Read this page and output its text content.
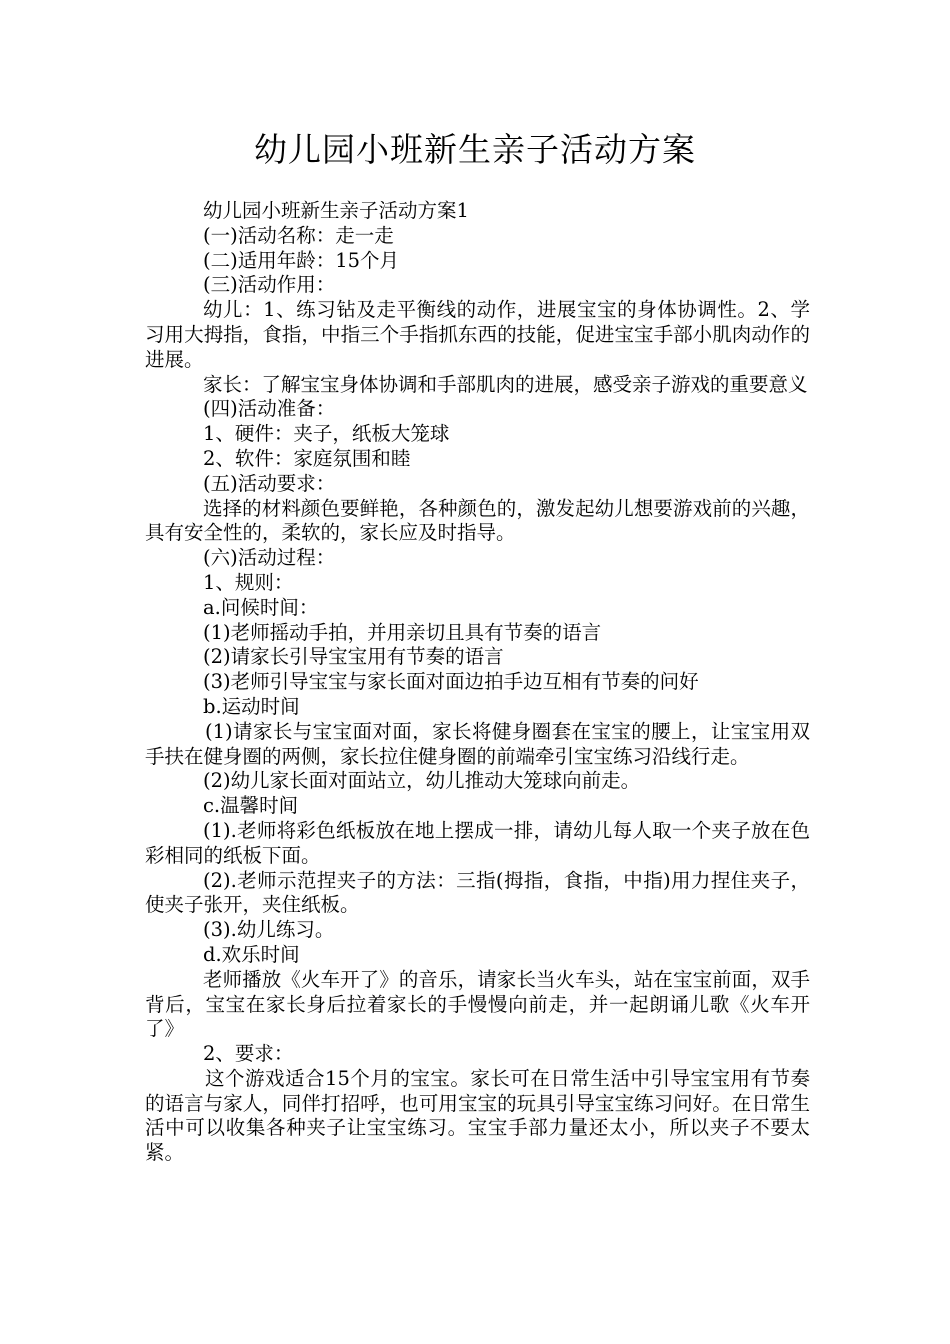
幼儿园小班新生亲子活动方案

幼儿园小班新生亲子活动方案1

(一)活动名称：走一走

(二)适用年龄：15个月

(三)活动作用：

幼儿：1、练习钻及走平衡线的动作，进展宝宝的身体协调性。2、学习用大拇指，食指，中指三个手指抓东西的技能，促进宝宝手部小肌肉动作的进展。

家长：了解宝宝身体协调和手部肌肉的进展，感受亲子游戏的重要意义

(四)活动准备：

1、硬件：夹子，纸板大笼球

2、软件：家庭氛围和睦

(五)活动要求：

选择的材料颜色要鲜艳，各种颜色的，激发起幼儿想要游戏前的兴趣，具有安全性的，柔软的，家长应及时指导。

(六)活动过程：

1、规则：

a.问候时间：

(1)老师摇动手拍，并用亲切且具有节奏的语言

(2)请家长引导宝宝用有节奏的语言

(3)老师引导宝宝与家长面对面边拍手边互相有节奏的问好

b.运动时间

(1)请家长与宝宝面对面，家长将健身圈套在宝宝的腰上，让宝宝用双手扶在健身圈的两侧，家长拉住健身圈的前端牵引宝宝练习沿线行走。

(2)幼儿家长面对面站立，幼儿推动大笼球向前走。

c.温馨时间

(1).老师将彩色纸板放在地上摆成一排，请幼儿每人取一个夹子放在色彩相同的纸板下面。

(2).老师示范捏夹子的方法：三指(拇指，食指，中指)用力捏住夹子，使夹子张开，夹住纸板。

(3).幼儿练习。

d.欢乐时间

老师播放《火车开了》的音乐，请家长当火车头，站在宝宝前面，双手背后，宝宝在家长身后拉着家长的手慢慢向前走，并一起朗诵儿歌《火车开了》

2、要求：

这个游戏适合15个月的宝宝。家长可在日常生活中引导宝宝用有节奏的语言与家人，同伴打招呼，也可用宝宝的玩具引导宝宝练习问好。在日常生活中可以收集各种夹子让宝宝练习。宝宝手部力量还太小，所以夹子不要太紧。
